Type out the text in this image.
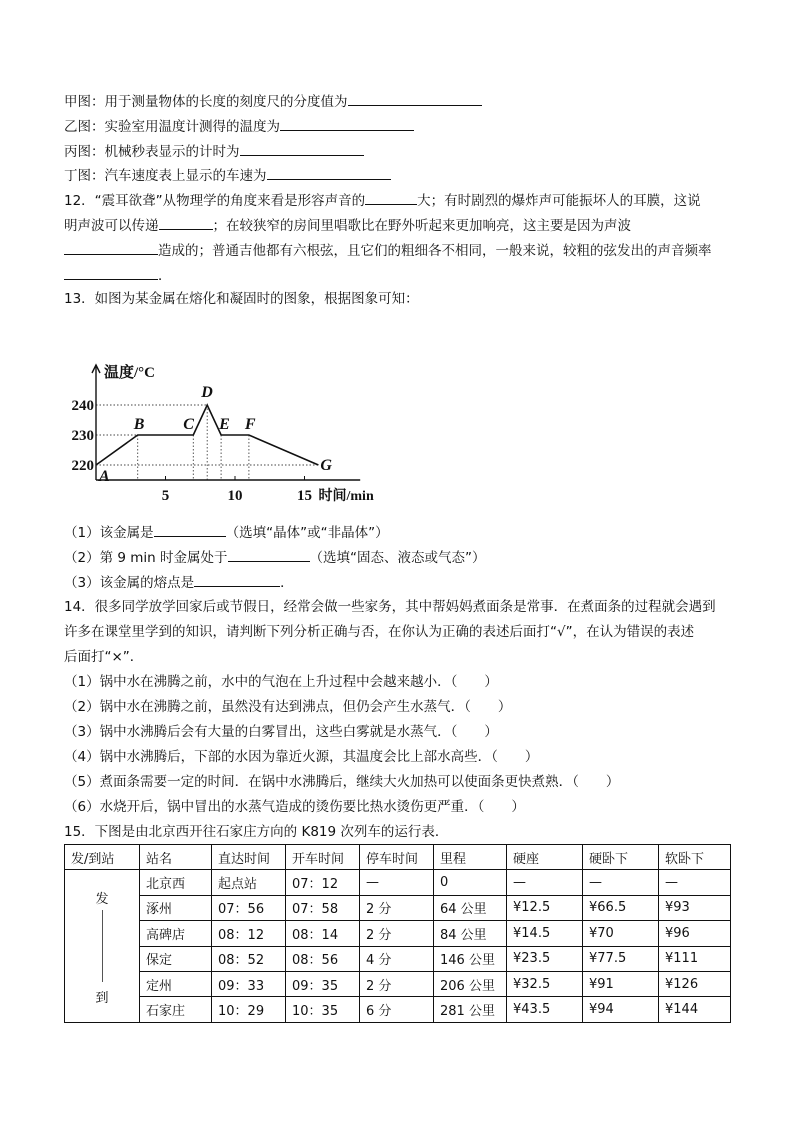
甲图：用于测量物体的长度的刻度尺的分度值为
乙图：实验室用温度计测得的温度为
丙图：机械秒表显示的计时为
丁图：汽车速度表上显示的车速为
12．“震耳欲聋”从物理学的角度来看是形容声音的	大；有时剧烈的爆炸声可能振坏人的耳膜，这说
明声波可以传递	；在较狭窄的房间里唱歌比在野外听起来更加响亮，这主要是因为声波
造成的；普通吉他都有六根弦，且它们的粗细各不相同，一般来说，较粗的弦发出的声音频率
．
13．如图为某金属在熔化和凝固时的图象，根据图象可知：
温度/°C
时间/min
5	10	15
220
230
240
A
B C
D
E F
G
（1）该金属是	（选填“晶体”或“非晶体”）
（2）第 9 min 时金属处于	（选填“固态、液态或气态”）
（3）该金属的熔点是	．
14．很多同学放学回家后或节假日，经常会做一些家务，其中帮妈妈煮面条是常事．在煮面条的过程就会遇到
许多在课堂里学到的知识，请判断下列分析正确与否，在你认为正确的表述后面打“√”，在认为错误的表述
后面打“×”．
（1）锅中水在沸腾之前，水中的气泡在上升过程中会越来越小．（　　）
（2）锅中水在沸腾之前，虽然没有达到沸点，但仍会产生水蒸气．（　　）
（3）锅中水沸腾后会有大量的白雾冒出，这些白雾就是水蒸气．（　　）
（4）锅中水沸腾后，下部的水因为靠近火源，其温度会比上部水高些．（　　）
（5）煮面条需要一定的时间．在锅中水沸腾后，继续大火加热可以使面条更快煮熟．（　　）
（6）水烧开后，锅中冒出的水蒸气造成的烫伤要比热水烫伤更严重．（　　）
15．下图是由北京西开往石家庄方向的 K819 次列车的运行表．
发/到站	站名	直达时间	开车时间	停车时间	里程	硬座	硬卧下	软卧下

发
到	北京西	起点站	07：12	—	0	—	—	—
	涿州	07：56	07：58	2 分	64 公里	¥12.5	¥66.5	¥93
	高碑店	08：12	08：14	2 分	84 公里	¥14.5	¥70	¥96
	保定	08：52	08：56	4 分	146 公里	¥23.5	¥77.5	¥111
	定州	09：33	09：35	2 分	206 公里	¥32.5	¥91	¥126
	石家庄	10：29	10：35	6 分	281 公里	¥43.5	¥94	¥144
